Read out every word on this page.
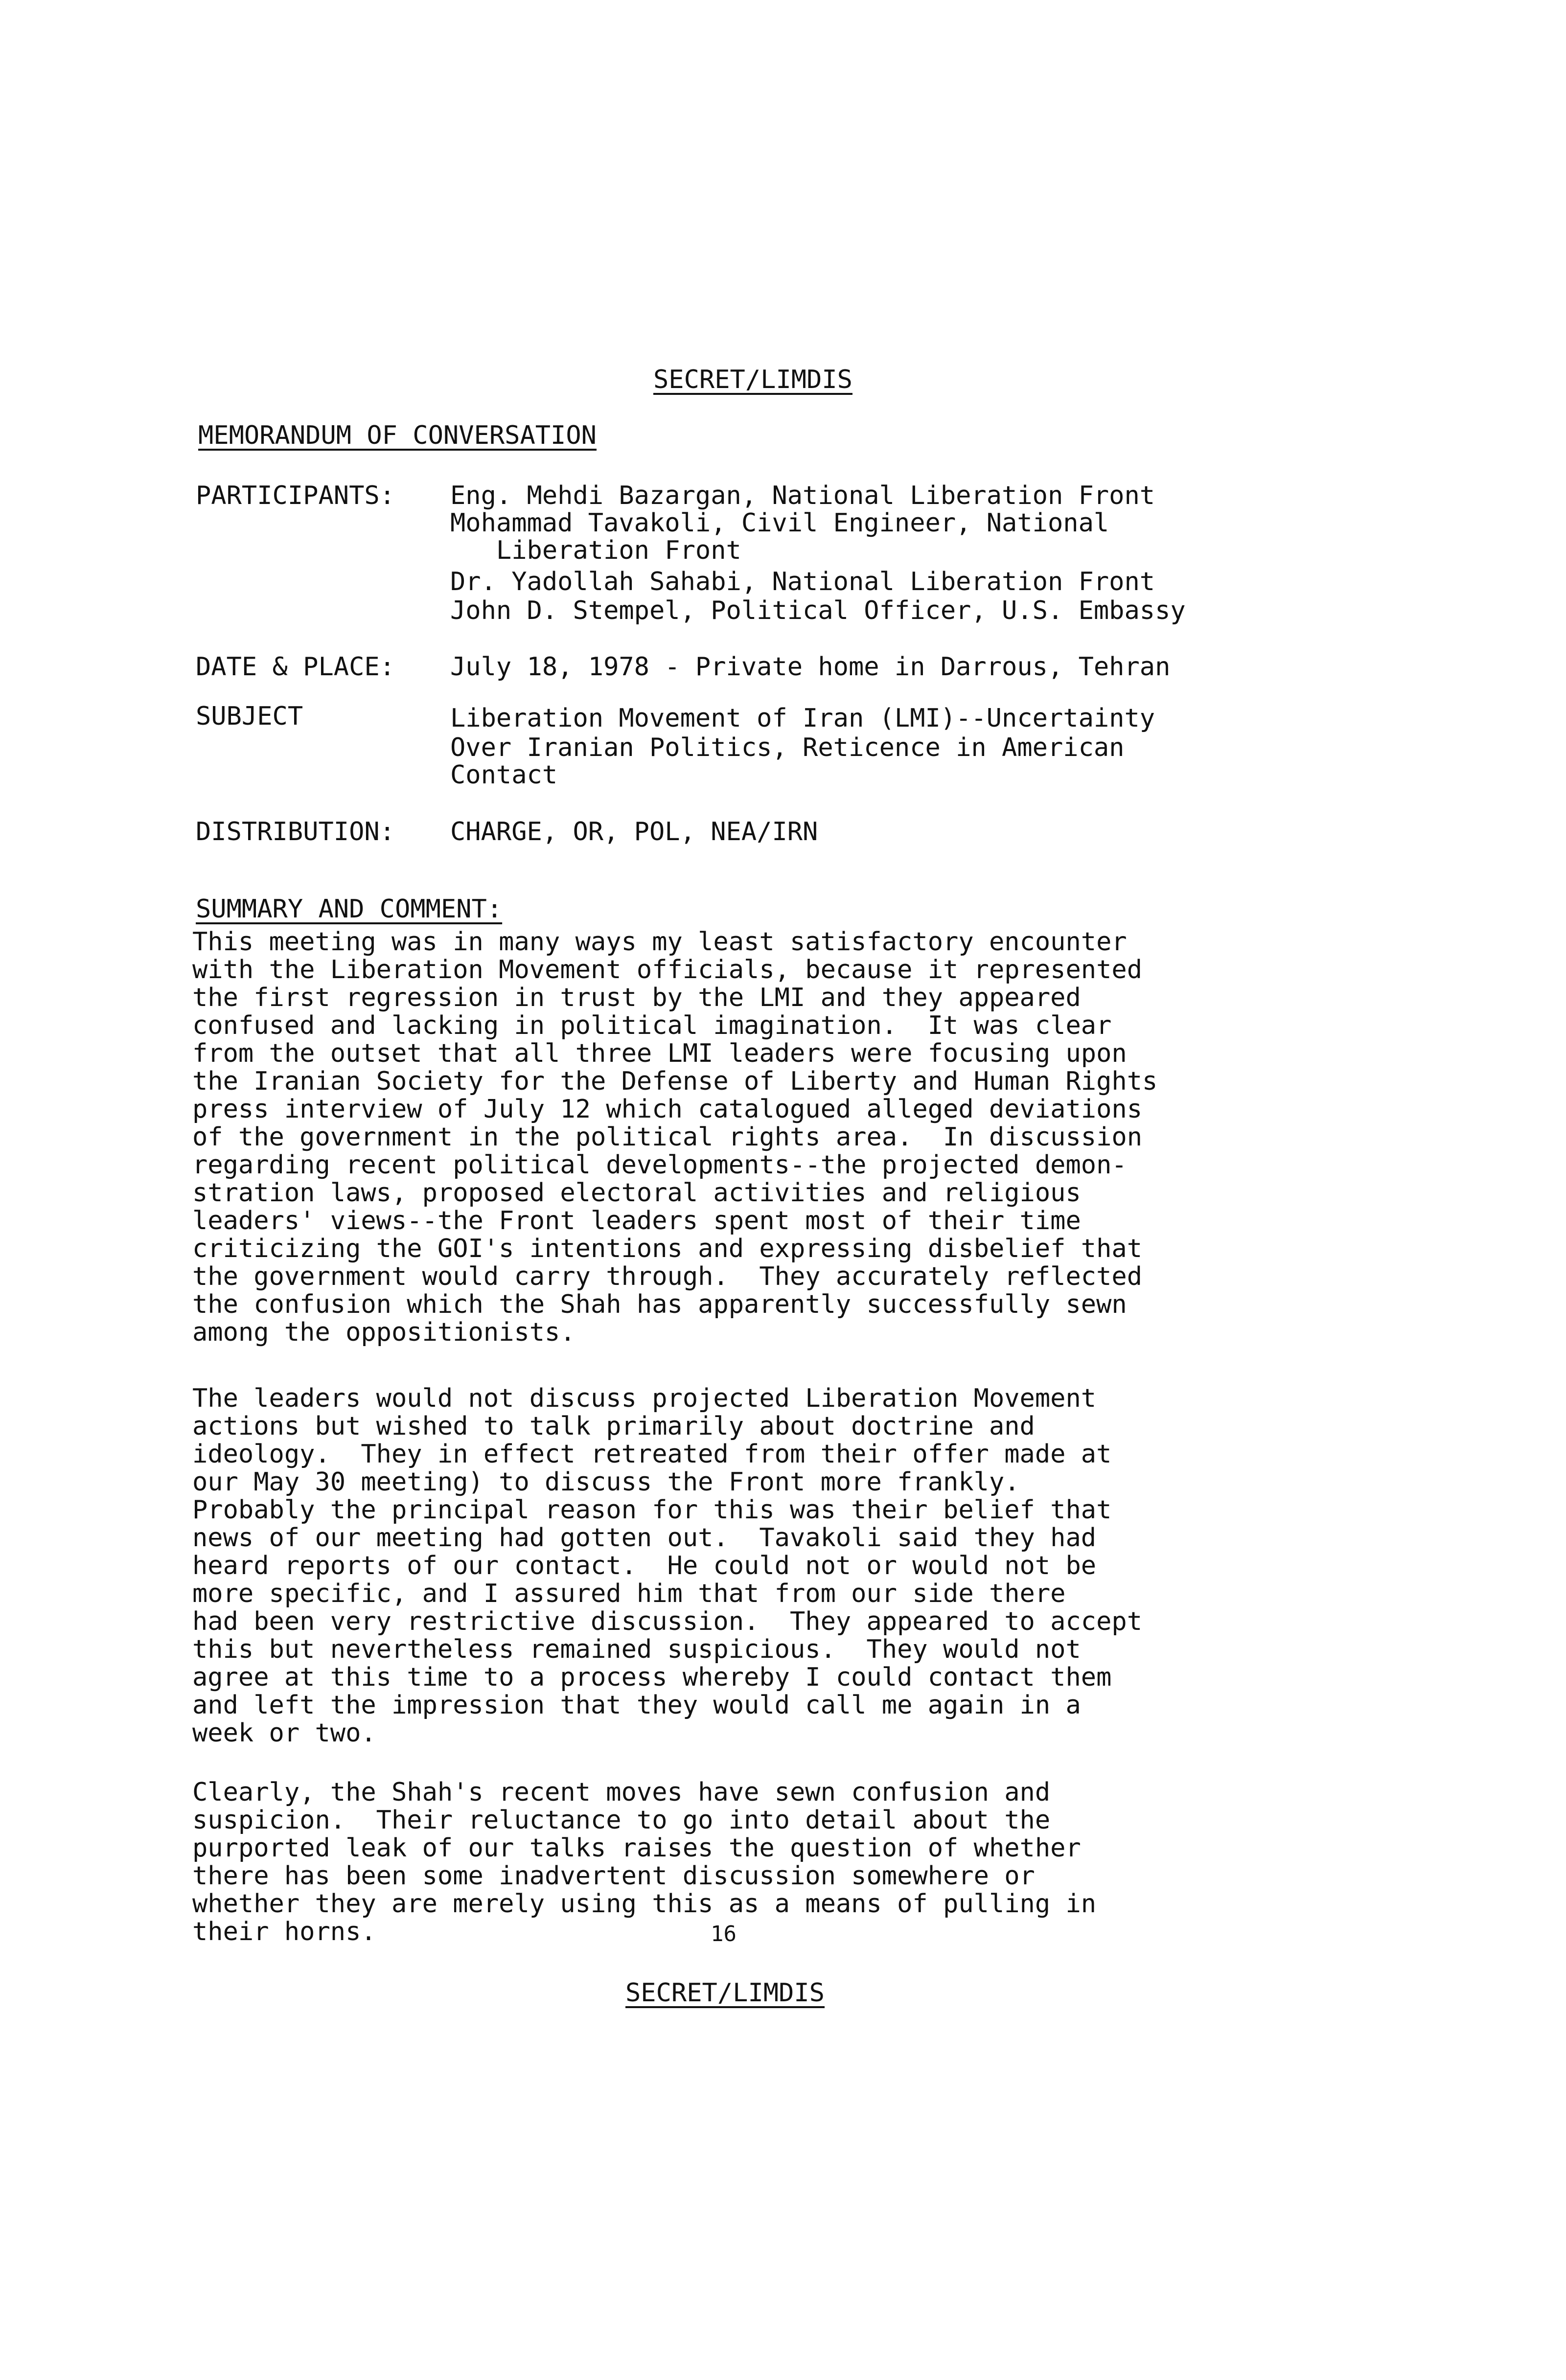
SECRET/LIMDIS
MEMORANDUM OF CONVERSATION
PARTICIPANTS: Eng. Mehdi Bazargan, National Liberation Front
Mohammad Tavakoli, Civil Engineer, National
Liberation Front
Dr. Yadollah Sahabi, National Liberation Front
John D. Stempel, Political Officer, U.S. Embassy
DATE & PLACE: July 18, 1978 - Private home in Darrous, Tehran
SUBJECT	Liberation Movement of Iran (LMI)--Uncertainty
Over Iranian Politics, Reticence in American
Contact
DISTRIBUTION: CHARGE, OR, POL, NEA/IRN
SUMMARY AND COMMENT:
This meeting was in many ways my least satisfactory encounter
with the Liberation Movement officials, because it represented
the first regression in trust by the LMI and they appeared
confused and lacking in political imagination.  It was clear
from the outset that all three LMI leaders were focusing upon
the Iranian Society for the Defense of Liberty and Human Rights
press interview of July 12 which catalogued alleged deviations
of the government in the political rights area.  In discussion
regarding recent political developments--the projected demon-
stration laws, proposed electoral activities and religious
leaders' views--the Front leaders spent most of their time
criticizing the GOI's intentions and expressing disbelief that
the government would carry through.  They accurately reflected
the confusion which the Shah has apparently successfully sewn
among the oppositionists.
The leaders would not discuss projected Liberation Movement
actions but wished to talk primarily about doctrine and
ideology.  They in effect retreated from their offer made at
our May 30 meeting) to discuss the Front more frankly.
Probably the principal reason for this was their belief that
news of our meeting had gotten out.  Tavakoli said they had
heard reports of our contact.  He could not or would not be
more specific, and I assured him that from our side there
had been very restrictive discussion.  They appeared to accept
this but nevertheless remained suspicious.  They would not
agree at this time to a process whereby I could contact them
and left the impression that they would call me again in a
week or two.
Clearly, the Shah's recent moves have sewn confusion and
suspicion.  Their reluctance to go into detail about the
purported leak of our talks raises the question of whether
there has been some inadvertent discussion somewhere or
whether they are merely using this as a means of pulling in
their horns.	16
SECRET/LIMDIS
